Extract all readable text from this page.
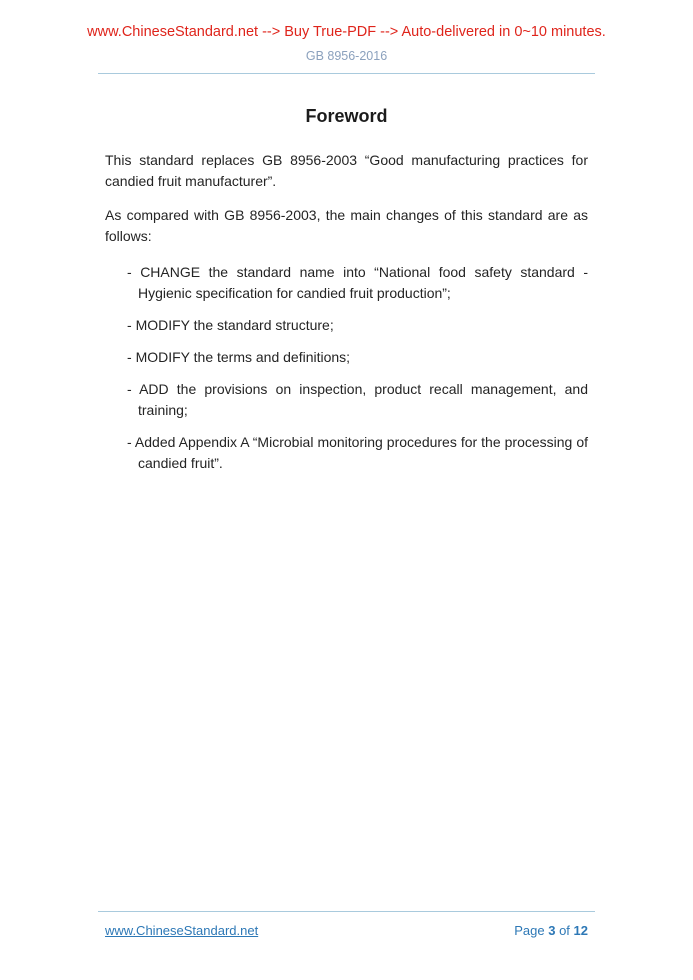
www.ChineseStandard.net --> Buy True-PDF --> Auto-delivered in 0~10 minutes.
GB 8956-2016
Foreword

This standard replaces GB 8956-2003 “Good manufacturing practices for candied fruit manufacturer”.

As compared with GB 8956-2003, the main changes of this standard are as follows:

- CHANGE the standard name into “National food safety standard - Hygienic specification for candied fruit production”;
- MODIFY the standard structure;
- MODIFY the terms and definitions;
- ADD the provisions on inspection, product recall management, and training;
- Added Appendix A “Microbial monitoring procedures for the processing of candied fruit”.
www.ChineseStandard.net	Page 3 of 12
